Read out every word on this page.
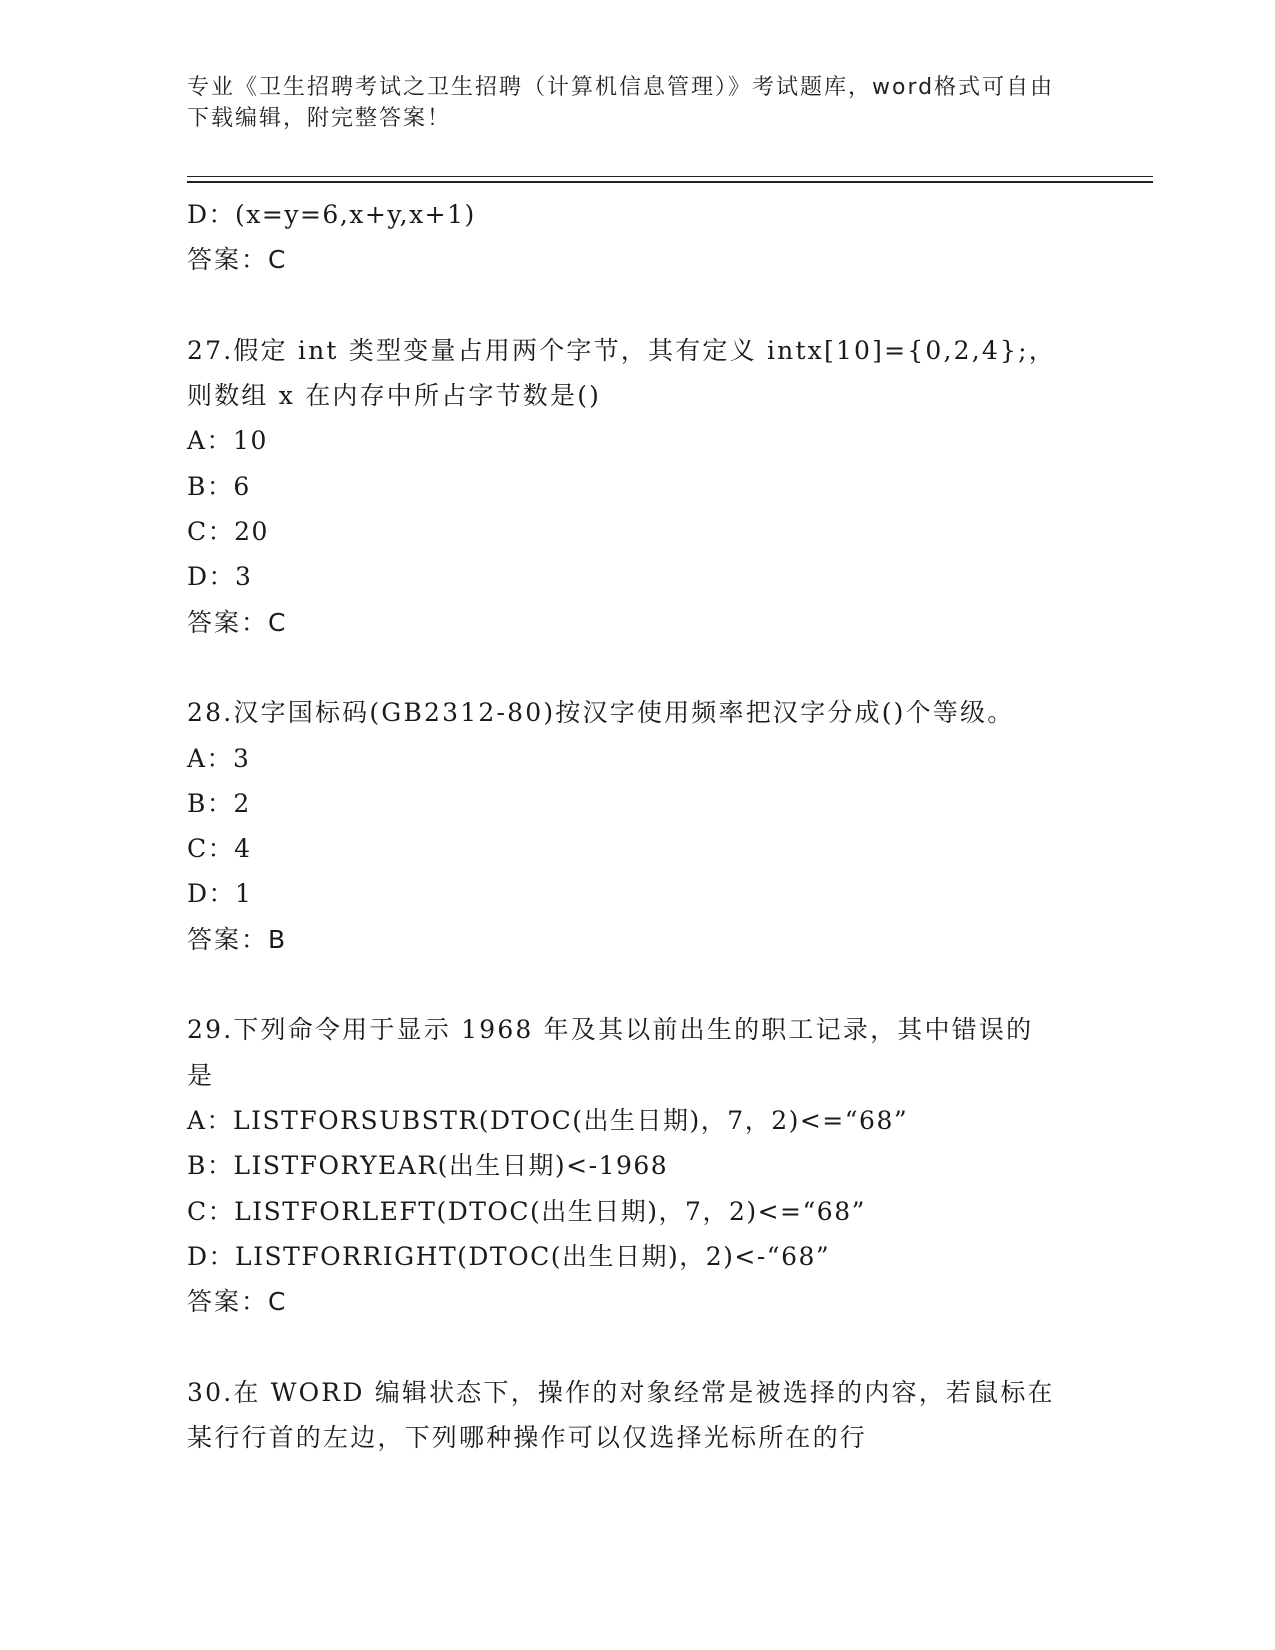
专业《卫生招聘考试之卫生招聘（计算机信息管理）》考试题库，word格式可自由下载编辑，附完整答案！
D：(x=y=6,x+y,x+1)
答案：C
27.假定 int 类型变量占用两个字节，其有定义 intx[10]={0,2,4};，
则数组 x 在内存中所占字节数是()
A：10
B：6
C：20
D：3
答案：C
28.汉字国标码(GB2312-80)按汉字使用频率把汉字分成()个等级。
A：3
B：2
C：4
D：1
答案：B
29.下列命令用于显示 1968 年及其以前出生的职工记录，其中错误的
是
A：LISTFORSUBSTR(DTOC(出生日期)，7，2)<=“68”
B：LISTFORYEAR(出生日期)<-1968
C：LISTFORLEFT(DTOC(出生日期)，7，2)<=“68”
D：LISTFORRIGHT(DTOC(出生日期)，2)<-“68”
答案：C
30.在 WORD 编辑状态下，操作的对象经常是被选择的内容，若鼠标在
某行行首的左边，下列哪种操作可以仅选择光标所在的行
